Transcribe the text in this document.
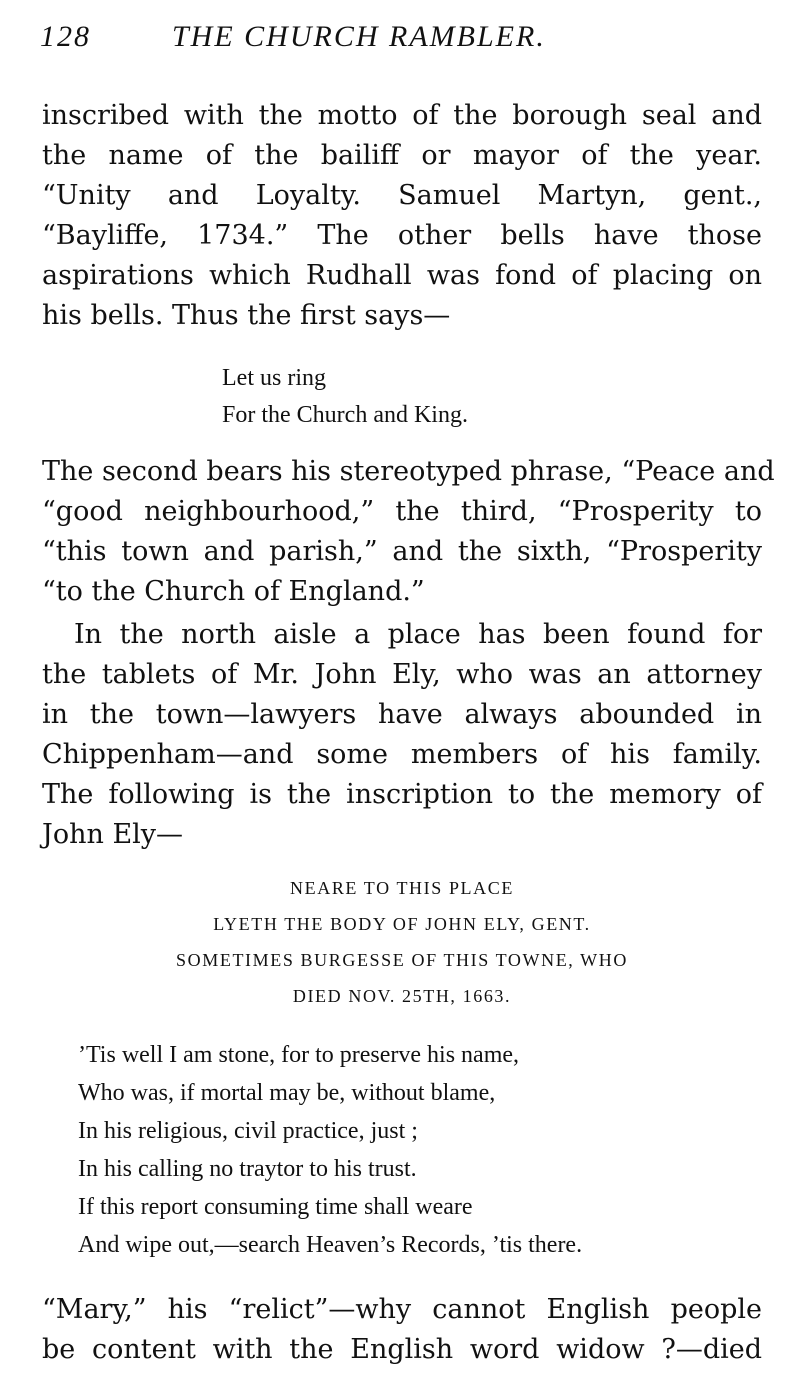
128	THE CHURCH RAMBLER.
inscribed with the motto of the borough seal and
the name of the bailiff or mayor of the year.
“Unity and Loyalty. Samuel Martyn, gent.,
“Bayliffe, 1734.” The other bells have those
aspirations which Rudhall was fond of placing on
his bells. Thus the first says—
Let us ring
For the Church and King.
The second bears his stereotyped phrase, “Peace and
“good neighbourhood,” the third, “Prosperity to
“this town and parish,” and the sixth, “Prosperity
“to the Church of England.”
In the north aisle a place has been found for
the tablets of Mr. John Ely, who was an attorney
in the town—lawyers have always abounded in
Chippenham—and some members of his family.
The following is the inscription to the memory of
John Ely—
NEARE TO THIS PLACE
LYETH THE BODY OF JOHN ELY, GENT.
SOMETIMES BURGESSE OF THIS TOWNE, WHO
DIED NOV. 25TH, 1663.
’Tis well I am stone, for to preserve his name,
Who was, if mortal may be, without blame,
In his religious, civil practice, just ;
In his calling no traytor to his trust.
If this report consuming time shall weare
And wipe out,—search Heaven’s Records, ’tis there.
“Mary,” his “relict”—why cannot English people
be content with the English word widow ?—died
